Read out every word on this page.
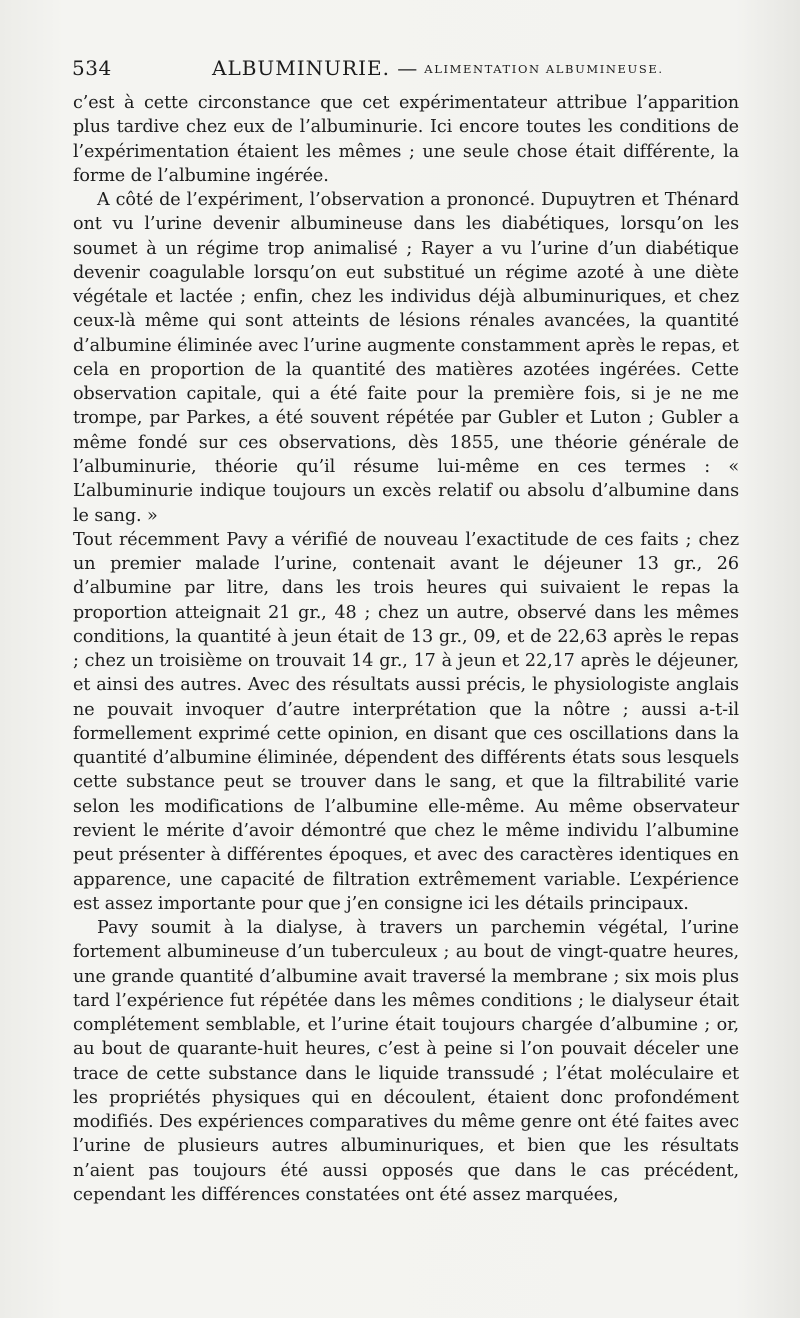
534	ALBUMINURIE. — ALIMENTATION ALBUMINEUSE.

c’est à cette circonstance que cet expérimentateur attribue l’apparition plus tardive chez eux de l’albuminurie. Ici encore toutes les conditions de l’expérimentation étaient les mêmes ; une seule chose était différente, la forme de l’albumine ingérée.

A côté de l’expériment, l’observation a prononcé. Dupuytren et Thénard ont vu l’urine devenir albumineuse dans les diabétiques, lorsqu’on les soumet à un régime trop animalisé ; Rayer a vu l’urine d’un diabétique devenir coagulable lorsqu’on eut substitué un régime azoté à une diète végétale et lactée ; enfin, chez les individus déjà albuminuriques, et chez ceux-là même qui sont atteints de lésions rénales avancées, la quantité d’albumine éliminée avec l’urine augmente constamment après le repas, et cela en proportion de la quantité des matières azotées ingérées. Cette observation capitale, qui a été faite pour la première fois, si je ne me trompe, par Parkes, a été souvent répétée par Gubler et Luton ; Gubler a même fondé sur ces observations, dès 1855, une théorie générale de l’albuminurie, théorie qu’il résume lui-même en ces termes : « L’albuminurie indique toujours un excès relatif ou absolu d’albumine dans le sang. »

Tout récemment Pavy a vérifié de nouveau l’exactitude de ces faits ; chez un premier malade l’urine, contenait avant le déjeuner 13 gr., 26 d’albumine par litre, dans les trois heures qui suivaient le repas la proportion atteignait 21 gr., 48 ; chez un autre, observé dans les mêmes conditions, la quantité à jeun était de 13 gr., 09, et de 22,63 après le repas ; chez un troisième on trouvait 14 gr., 17 à jeun et 22,17 après le déjeuner, et ainsi des autres. Avec des résultats aussi précis, le physiologiste anglais ne pouvait invoquer d’autre interprétation que la nôtre ; aussi a-t-il formellement exprimé cette opinion, en disant que ces oscillations dans la quantité d’albumine éliminée, dépendent des différents états sous lesquels cette substance peut se trouver dans le sang, et que la filtrabilité varie selon les modifications de l’albumine elle-même. Au même observateur revient le mérite d’avoir démontré que chez le même individu l’albumine peut présenter à différentes époques, et avec des caractères identiques en apparence, une capacité de filtration extrêmement variable. L’expérience est assez importante pour que j’en consigne ici les détails principaux.

Pavy soumit à la dialyse, à travers un parchemin végétal, l’urine fortement albumineuse d’un tuberculeux ; au bout de vingt-quatre heures, une grande quantité d’albumine avait traversé la membrane ; six mois plus tard l’expérience fut répétée dans les mêmes conditions ; le dialyseur était complétement semblable, et l’urine était toujours chargée d’albumine ; or, au bout de quarante-huit heures, c’est à peine si l’on pouvait déceler une trace de cette substance dans le liquide transsudé ; l’état moléculaire et les propriétés physiques qui en découlent, étaient donc profondément modifiés. Des expériences comparatives du même genre ont été faites avec l’urine de plusieurs autres albuminuriques, et bien que les résultats n’aient pas toujours été aussi opposés que dans le cas précédent, cependant les différences constatées ont été assez marquées,
